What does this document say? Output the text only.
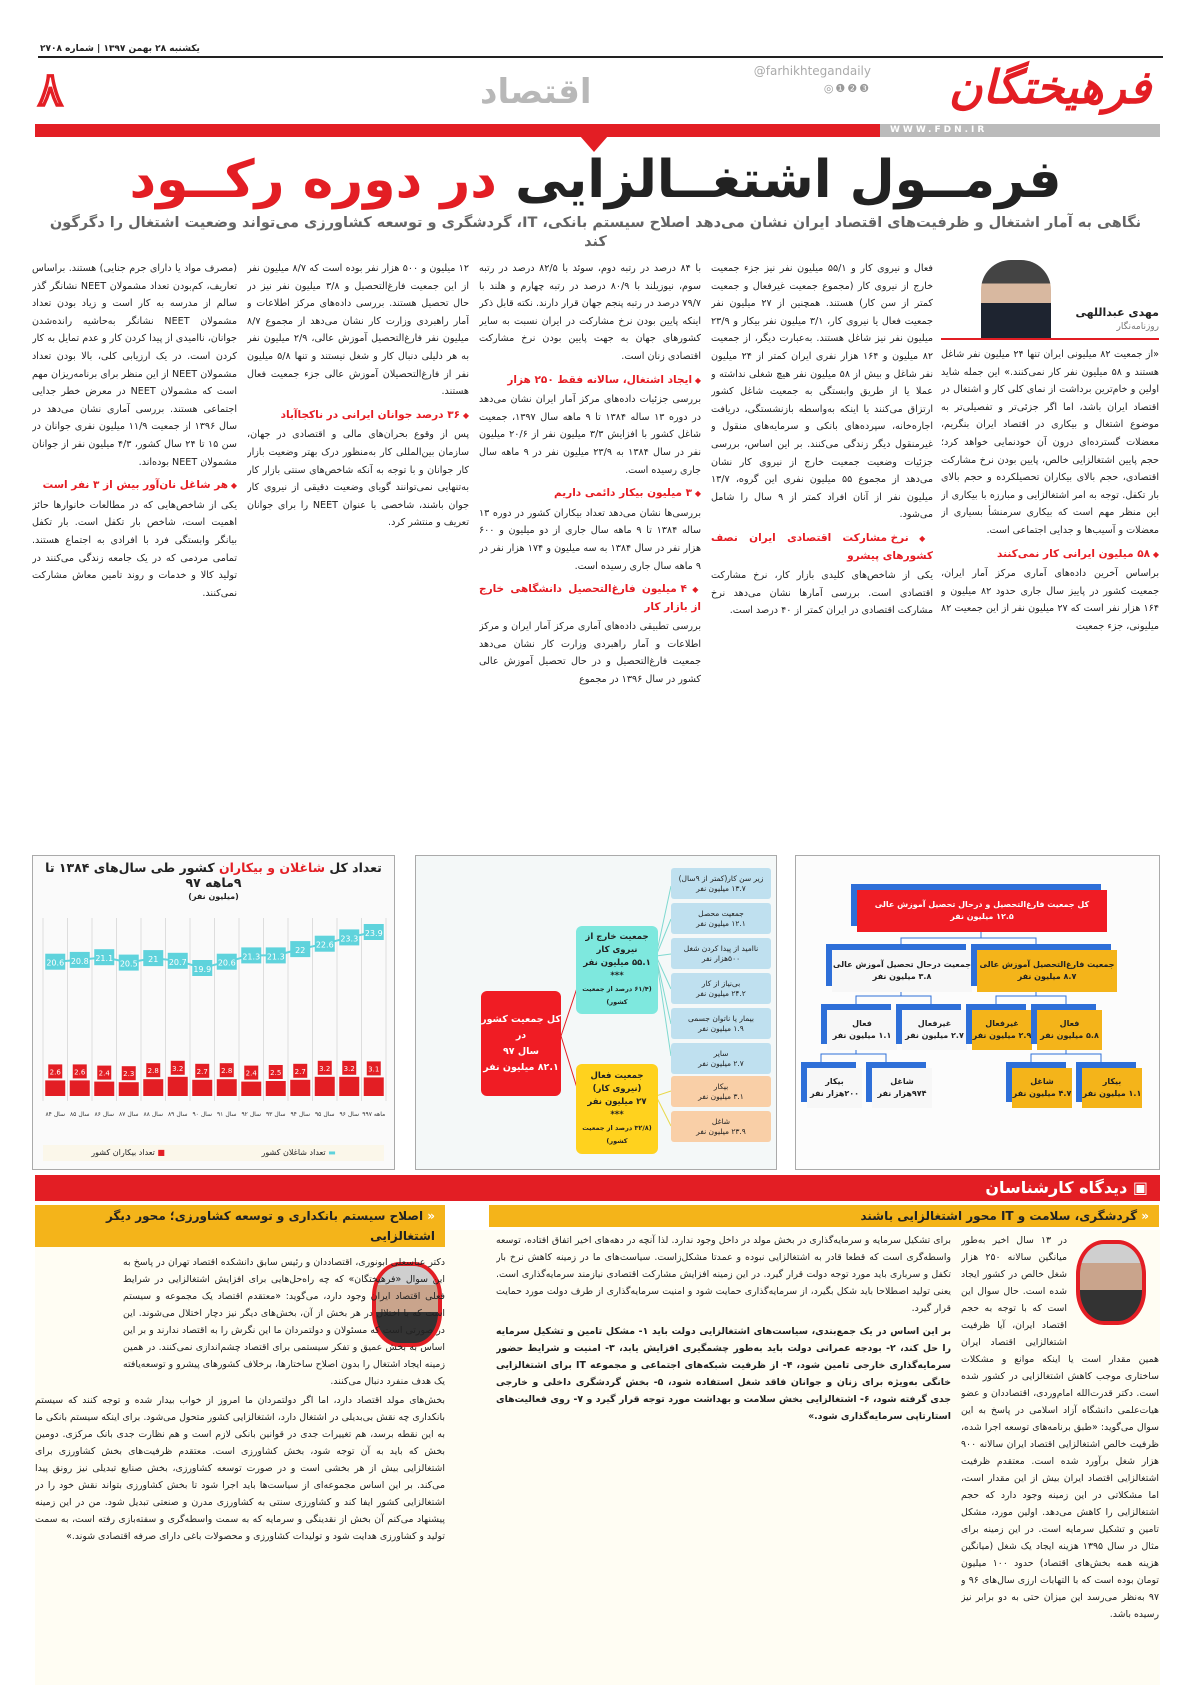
یکشنبه ۲۸ بهمن ۱۳۹۷ | شماره ۲۷۰۸
فرهیختگان
@farhikhtegandaily
◎❶❷❸
اقتصاد
۸
WWW.FDN.IR
فرمــول اشتغــالزایی در دوره رکــود
نگاهی به آمار اشتغال و ظرفیت‌های اقتصاد ایران نشان می‌دهد اصلاح سیستم بانکی، IT، گردشگری و توسعه کشاورزی می‌تواند وضعیت اشتغال را دگرگون کند
مهدی عبداللهی
روزنامه‌نگار

«از جمعیت ۸۲ میلیونی ایران تنها ۲۴ میلیون نفر شاغل هستند و ۵۸ میلیون نفر کار نمی‌کنند.» این جمله شاید اولین و خام‌ترین برداشت از نمای کلی کار و اشتغال در اقتصاد ایران باشد، اما اگر جزئی‌تر و تفصیلی‌تر به موضوع اشتغال و بیکاری در اقتصاد ایران بنگریم، معضلات گسترده‌ای درون آن خودنمایی خواهد کرد؛ حجم پایین اشتغالزایی خالص، پایین بودن نرخ مشارکت اقتصادی، حجم بالای بیکاران تحصیلکرده و حجم بالای بار تکفل. توجه به امر اشتغالزایی و مبارزه با بیکاری از این منظر مهم است که بیکاری سرمنشأ بسیاری از معضلات و آسیب‌ها و جدایی اجتماعی است.

◆ ۵۸ میلیون ایرانی کار نمی‌کنند

براساس آخرین داده‌های آماری مرکز آمار ایران، جمعیت کشور در پاییز سال جاری حدود ۸۲ میلیون و ۱۶۴ هزار نفر است که ۲۷ میلیون نفر از این جمعیت ۸۲ میلیونی، جزء جمعیت

فعال و نیروی کار و ۵۵/۱ میلیون نفر نیز جزء جمعیت خارج از نیروی کار (مجموع جمعیت غیرفعال و جمعیت کمتر از سن کار) هستند. همچنین از ۲۷ میلیون نفر جمعیت فعال یا نیروی کار، ۳/۱ میلیون نفر بیکار و ۲۳/۹ میلیون نفر نیز شاغل هستند. به‌عبارت دیگر، از جمعیت ۸۲ میلیون و ۱۶۴ هزار نفری ایران کمتر از ۲۴ میلیون نفر شاغل و بیش از ۵۸ میلیون نفر هیچ شغلی نداشته و عملا یا از طریق وابستگی به جمعیت شاغل کشور ارتزاق می‌کنند یا اینکه به‌واسطه بازنشستگی، دریافت اجاره‌خانه، سپرده‌های بانکی و سرمایه‌های منقول و غیرمنقول دیگر زندگی می‌کنند. بر این اساس، بررسی جزئیات وضعیت جمعیت خارج از نیروی کار نشان می‌دهد از مجموع ۵۵ میلیون نفری این گروه، ۱۳/۷ میلیون نفر از آنان افراد کمتر از ۹ سال را شامل می‌شود.

◆ نرخ مشارکت اقتصادی ایران نصف کشورهای پیشرو

یکی از شاخص‌های کلیدی بازار کار، نرخ مشارکت اقتصادی است. بررسی آمارها نشان می‌دهد نرخ مشارکت اقتصادی در ایران کمتر از ۴۰ درصد است.

با ۸۴ درصد در رتبه دوم، سوئد با ۸۲/۵ درصد در رتبه سوم، نیوزیلند با ۸۰/۹ درصد در رتبه چهارم و هلند با ۷۹/۷ درصد در رتبه پنجم جهان قرار دارند. نکته قابل ذکر اینکه پایین بودن نرخ مشارکت در ایران نسبت به سایر کشورهای جهان به جهت پایین بودن نرخ مشارکت اقتصادی زنان است.

◆ ایجاد اشتغال، سالانه فقط ۲۵۰ هزار

بررسی جزئیات داده‌های مرکز آمار ایران نشان می‌دهد در دوره ۱۳ ساله ۱۳۸۴ تا ۹ ماهه سال ۱۳۹۷، جمعیت شاغل کشور با افزایش ۳/۳ میلیون نفر از ۲۰/۶ میلیون نفر در سال ۱۳۸۴ به ۲۳/۹ میلیون نفر در ۹ ماهه سال جاری رسیده است.

◆ ۳ میلیون بیکار دائمی داریم

بررسی‌ها نشان می‌دهد تعداد بیکاران کشور در دوره ۱۳ ساله ۱۳۸۴ تا ۹ ماهه سال جاری از دو میلیون و ۶۰۰ هزار نفر در سال ۱۳۸۴ به سه میلیون و ۱۷۴ هزار نفر در ۹ ماهه سال جاری رسیده است.

◆ ۴ میلیون فارغ‌التحصیل دانشگاهی خارج از بازار کار

بررسی تطبیقی داده‌های آماری مرکز آمار ایران و مرکز اطلاعات و آمار راهبردی وزارت کار نشان می‌دهد جمعیت فارغ‌التحصیل و در حال تحصیل آموزش عالی کشور در سال ۱۳۹۶ در مجموع

۱۲ میلیون و ۵۰۰ هزار نفر بوده است که ۸/۷ میلیون نفر از این جمعیت فارغ‌التحصیل و ۳/۸ میلیون نفر نیز در حال تحصیل هستند. بررسی داده‌های مرکز اطلاعات و آمار راهبردی وزارت کار نشان می‌دهد از مجموع ۸/۷ میلیون نفر فارغ‌التحصیل آموزش عالی، ۲/۹ میلیون نفر به هر دلیلی دنبال کار و شغل نیستند و تنها ۵/۸ میلیون نفر از فارغ‌التحصیلان آموزش عالی جزء جمعیت فعال هستند.

◆ ۳۶ درصد جوانان ایرانی در ناکجاآباد

پس از وقوع بحران‌های مالی و اقتصادی در جهان، سازمان بین‌المللی کار به‌منظور درک بهتر وضعیت بازار کار جوانان و با توجه به آنکه شاخص‌های سنتی بازار کار به‌تنهایی نمی‌توانند گویای وضعیت دقیقی از نیروی کار جوان باشند، شاخصی با عنوان NEET را برای جوانان تعریف و منتشر کرد.

(مصرف مواد یا دارای جرم جنایی) هستند. براساس تعاریف، کم‌بودن تعداد مشمولان NEET نشانگر گذر سالم از مدرسه به کار است و زیاد بودن تعداد مشمولان NEET نشانگر به‌حاشیه رانده‌شدن جوانان، ناامیدی از پیدا کردن کار و عدم تمایل به کار کردن است. در یک ارزیابی کلی، بالا بودن تعداد مشمولان NEET از این منظر برای برنامه‌ریزان مهم است که مشمولان NEET در معرض خطر جدایی اجتماعی هستند. بررسی آماری نشان می‌دهد در سال ۱۳۹۶ از جمعیت ۱۱/۹ میلیون نفری جوانان در سن ۱۵ تا ۲۴ سال کشور، ۴/۳ میلیون نفر از جوانان مشمولان NEET بوده‌اند.

◆ هر شاغل نان‌آور بیش از ۳ نفر است

یکی از شاخص‌هایی که در مطالعات خانوارها حائز اهمیت است، شاخص بار تکفل است. بار تکفل بیانگر وابستگی فرد با افرادی به اجتماع هستند. تمامی مردمی که در یک جامعه زندگی می‌کنند در تولید کالا و خدمات و روند تامین معاش مشارکت نمی‌کنند.

20.6 20.8 21.1
20.5 21 20.7
19.9
20.6
21.3 21.3
22
22.6
23.3
23.9
2.6
سال ۸۴
2.6
سال ۸۵
2.4
سال ۸۶
2.3
سال ۸۷
2.8
سال ۸۸
3.2
سال ۸۹
2.7
سال ۹۰
2.8
سال ۹۱
2.4
سال ۹۲
2.5
سال ۹۳
2.7
سال ۹۴
3.2
سال ۹۵
3.2
سال ۹۶
3.1
۹ماهه ۹۷
تعداد کل شاغلان و بیکاران کشور طی سال‌های ۱۳۸۴ تا ۹ماهه ۹۷
(میلیون نفر)
▬ تعداد شاغلان کشور
■ تعداد بیکاران کشور
کل جمعیت کشور در
سال ۹۷
۸۲.۱ میلیون نفر
جمعیت خارج از نیروی کار
۵۵.۱ میلیون نفر
***
(۶۱/۴ درصد از جمعیت کشور)
جمعیت فعال (نیروی کار)
۲۷ میلیون نفر
***
(۳۲/۸ درصد از جمعیت کشور)
زیر سن کار(کمتر از ۹سال)
۱۳.۷ میلیون نفر
جمعیت محصل
۱۲.۱ میلیون نفر
ناامید از پیدا کردن شغل
۵۰۰هزار نفر
بی‌نیاز از کار
۲۴.۲ میلیون نفر
بیمار یا ناتوان جسمی
۱.۹ میلیون نفر
سایر
۲.۷ میلیون نفر
بیکار
۳.۱ میلیون نفر
شاغل
۲۳.۹ میلیون نفر
کل جمعیت فارغ‌التحصیل و درحال تحصیل آموزش عالی
۱۲.۵ میلیون نفر
جمعیت درحال تحصیل آموزش عالی
۳.۸ میلیون نفر
جمعیت فارغ‌التحصیل آموزش عالی
۸.۷ میلیون نفر
فعال
۱.۱ میلیون نفر
غیرفعال
۲.۷ میلیون نفر
غیرفعال
۲.۹ میلیون نفر
فعال
۵.۸ میلیون نفر
بیکار
۲۰۰هزار نفر
شاغل
۹۷۴هزار نفر
شاغل
۴.۷ میلیون نفر
بیکار
۱.۱ میلیون نفر
▣ دیدگاه کارشناسان
« گردشگری، سلامت و IT محور اشتغالزایی باشند
« اصلاح سیستم بانکداری و توسعه کشاورزی؛ محور دیگر اشتغالزایی	در ۱۳ سال اخیر به‌طور میانگین سالانه ۲۵۰ هزار شغل خالص در کشور ایجاد شده است. حال سوال این است که با توجه به حجم اقتصاد ایران، آیا ظرفیت اشتغالزایی اقتصاد ایران همین مقدار است یا اینکه موانع و مشکلات ساختاری موجب کاهش اشتغالزایی در کشور شده است. دکتر قدرت‌الله امام‌وردی، اقتصاددان و عضو هیات‌علمی دانشگاه آزاد اسلامی در پاسخ به این سوال می‌گوید: «طبق برنامه‌های توسعه اجرا شده، ظرفیت خالص اشتغالزایی اقتصاد ایران سالانه ۹۰۰ هزار شغل برآورد شده است. معتقدم ظرفیت اشتغالزایی اقتصاد ایران بیش از این مقدار است، اما مشکلاتی در این زمینه وجود دارد که حجم اشتغالزایی را کاهش می‌دهد. اولین مورد، مشکل تامین و تشکیل سرمایه است. در این زمینه برای مثال در سال ۱۳۹۵ هزینه ایجاد یک شغل (میانگین هزینه همه بخش‌های اقتصاد) حدود ۱۰۰ میلیون تومان بوده است که با التهابات ارزی سال‌های ۹۶ و ۹۷ به‌نظر می‌رسد این میزان حتی به دو برابر نیز رسیده باشد.

برای تشکیل سرمایه و سرمایه‌گذاری در بخش مولد در داخل وجود ندارد. لذا آنچه در دهه‌های اخیر اتفاق افتاده، توسعه واسطه‌گری است که قطعا قادر به اشتغالزایی نبوده و عمدتا مشکل‌زاست. سیاست‌های ما در زمینه کاهش نرخ بار تکفل و سرباری باید مورد توجه دولت قرار گیرد. در این زمینه افزایش مشارکت اقتصادی نیازمند سرمایه‌گذاری است. یعنی تولید اصطلاحا باید شکل بگیرد، از سرمایه‌گذاری حمایت شود و امنیت سرمایه‌گذاری از طرف دولت مورد حمایت قرار گیرد.

بر این اساس در یک جمع‌بندی، سیاست‌های اشتغالزایی دولت باید ۱- مشکل تامین و تشکیل سرمایه را حل کند، ۲- بودجه عمرانی دولت باید به‌طور چشمگیری افزایش یابد، ۳- امنیت و شرایط حضور سرمایه‌گذاری خارجی تامین شود، ۴- از ظرفیت شبکه‌های اجتماعی و مجموعه IT برای اشتغالزایی خانگی به‌ویژه برای زنان و جوانان فاقد شغل استفاده شود، ۵- بخش گردشگری داخلی و خارجی جدی گرفته شود، ۶- اشتغالزایی بخش سلامت و بهداشت مورد توجه قرار گیرد و ۷- روی فعالیت‌های استارتاپی سرمایه‌گذاری شود.»

دکتر عباسعلی ابونوری، اقتصاددان و رئیس سابق دانشکده اقتصاد تهران در پاسخ به این سوال «فرهیختگان» که چه راه‌حل‌هایی برای افزایش اشتغالزایی در شرایط فعلی اقتصاد ایران وجود دارد، می‌گوید: «معتقدم اقتصاد یک مجموعه و سیستم است که با اختلال در هر بخش از آن، بخش‌های دیگر نیز دچار اختلال می‌شوند. این در صورتی است که مسئولان و دولتمردان ما این نگرش را به اقتصاد ندارند و بر این اساس به بخش عمیق و تفکر سیستمی برای اقتصاد چشم‌اندازی نمی‌کنند. در همین زمینه ایجاد اشتغال را بدون اصلاح ساختارها، برخلاف کشورهای پیشرو و توسعه‌یافته یک هدف منفرد دنبال می‌کنند.

بخش‌های مولد اقتصاد دارد، اما اگر دولتمردان ما امروز از خواب بیدار شده و توجه کنند که سیستم بانکداری چه نقش بی‌بدیلی در اشتغال دارد، اشتغالزایی کشور متحول می‌شود. برای اینکه سیستم بانکی ما به این نقطه برسد، هم تغییرات جدی در قوانین بانکی لازم است و هم نظارت جدی بانک مرکزی. دومین بخش که باید به آن توجه شود، بخش کشاورزی است. معتقدم ظرفیت‌های بخش کشاورزی برای اشتغالزایی بیش از هر بخشی است و در صورت توسعه کشاورزی، بخش صنایع تبدیلی نیز رونق پیدا می‌کند. بر این اساس مجموعه‌ای از سیاست‌ها باید اجرا شود تا بخش کشاورزی بتواند نقش خود را در اشتغالزایی کشور ایفا کند و کشاورزی سنتی به کشاورزی مدرن و صنعتی تبدیل شود. من در این زمینه پیشنهاد می‌کنم آن بخش از نقدینگی و سرمایه که به سمت واسطه‌گری و سفته‌بازی رفته است، به سمت تولید و کشاورزی هدایت شود و تولیدات کشاورزی و محصولات باغی دارای صرفه اقتصادی شوند.»
